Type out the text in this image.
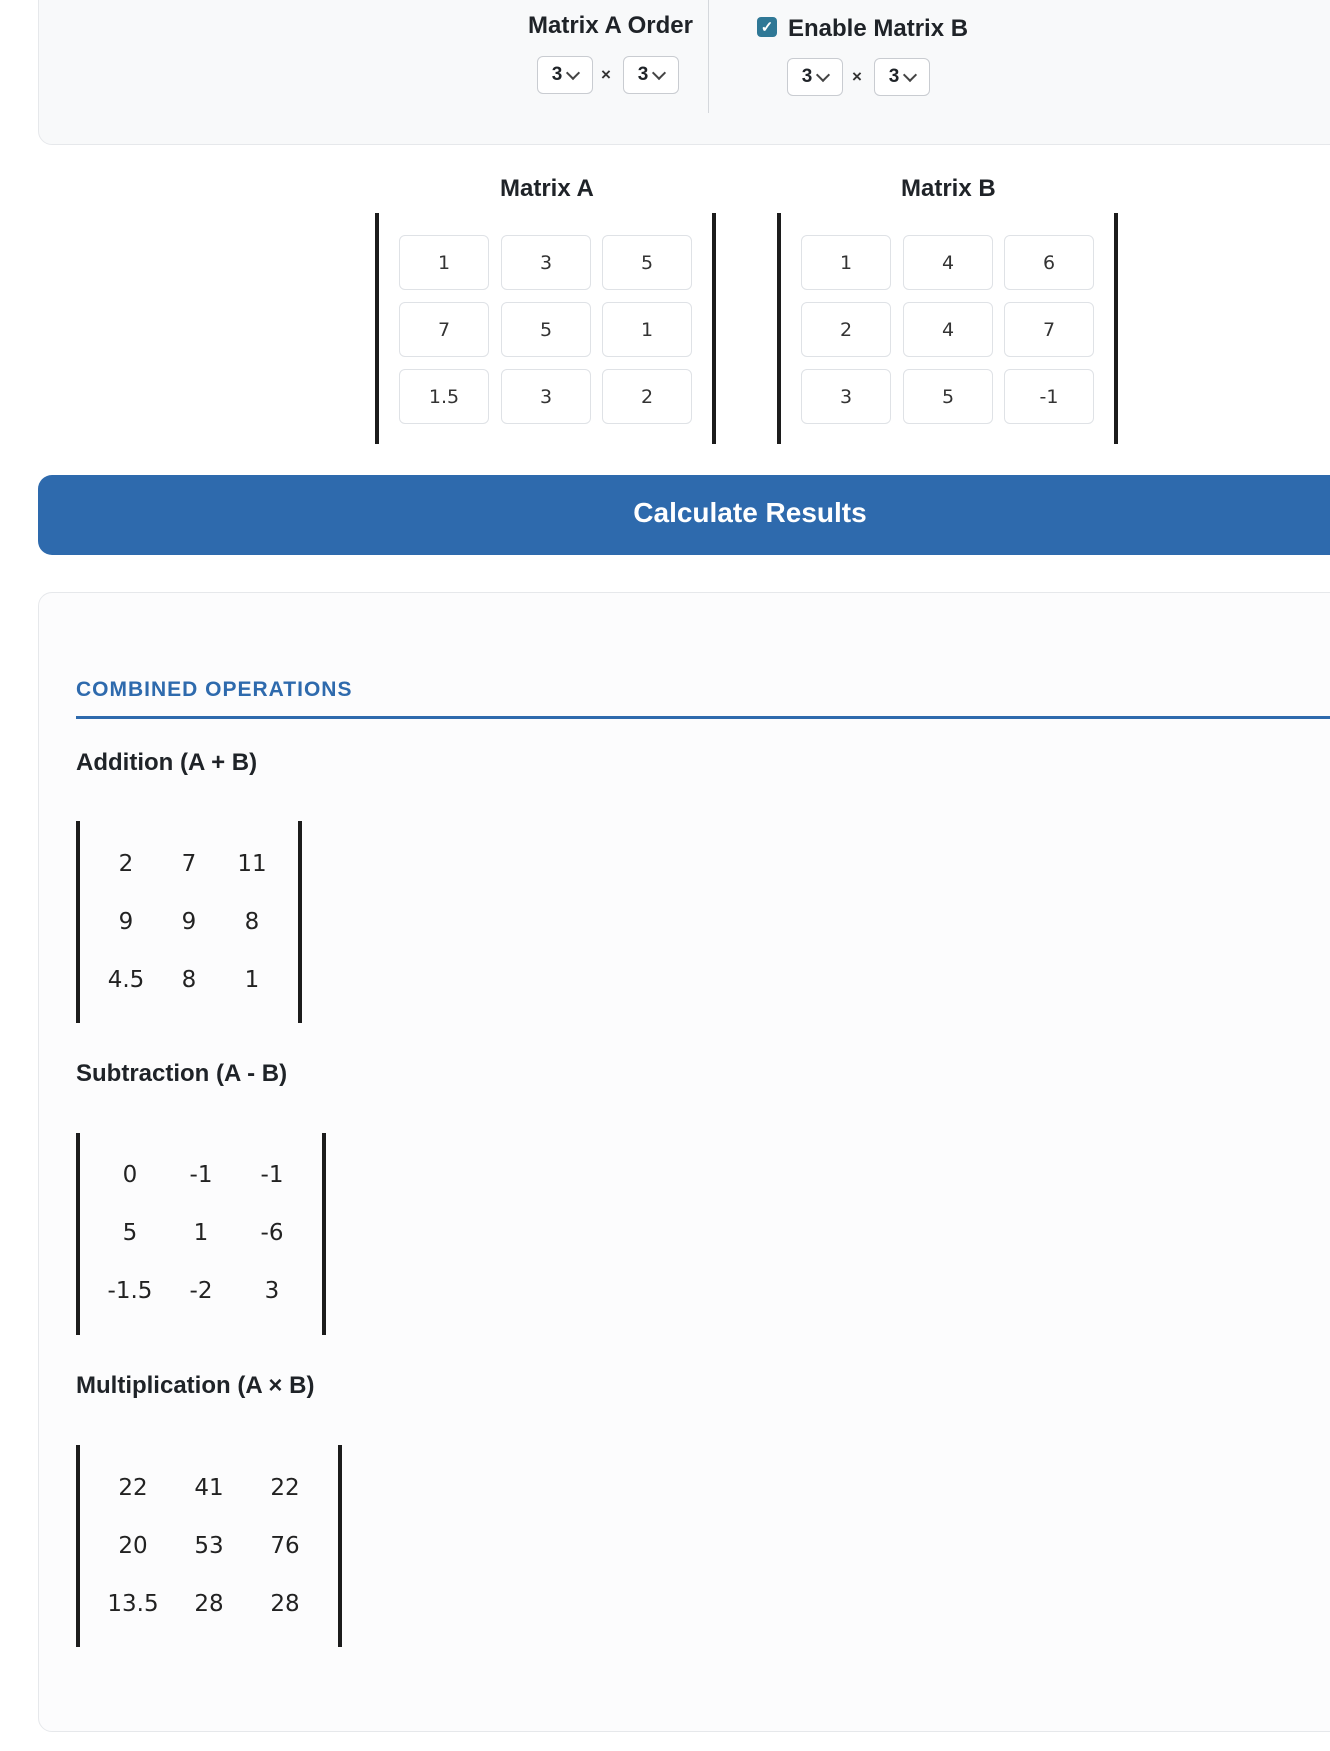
Matrix A Order
3 × 3
✓ Enable Matrix B
3 × 3
Matrix A
1	3	5
7	5	1
1.5	3	2
Matrix B
1	4	6
2	4	7
3	5	-1
Calculate Results
COMBINED OPERATIONS
Addition (A + B)
2	7	11
9	9	8
4.5	8	1
Subtraction (A - B)
0	-1	-1
5	1	-6
-1.5	-2	3
Multiplication (A × B)
22	41	22
20	53	76
13.5	28	28
